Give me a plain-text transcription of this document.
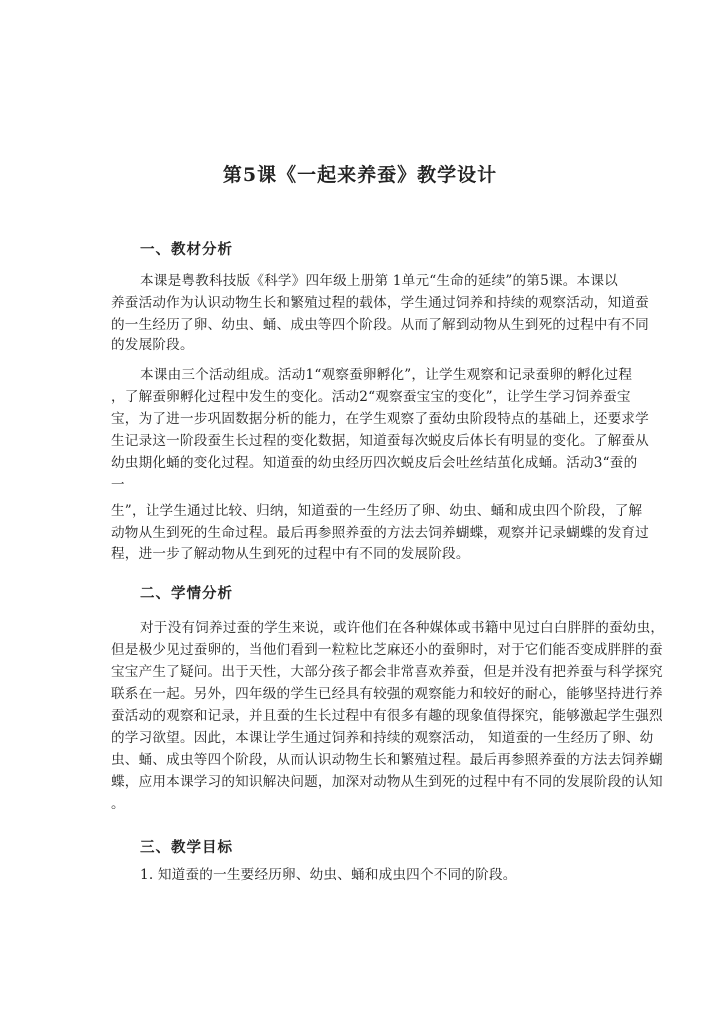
第5课《一起来养蚕》教学设计
一、教材分析
本课是粤教科技版《科学》四年级上册第 1单元“生命的延续”的第5课。本课以
养蚕活动作为认识动物生长和繁殖过程的载体，学生通过饲养和持续的观察活动，知道蚕
的一生经历了卵、幼虫、蛹、成虫等四个阶段。从而了解到动物从生到死的过程中有不同
的发展阶段。
本课由三个活动组成。活动1“观察蚕卵孵化”，让学生观察和记录蚕卵的孵化过程
，了解蚕卵孵化过程中发生的变化。活动2“观察蚕宝宝的变化”，让学生学习饲养蚕宝
宝，为了进一步巩固数据分析的能力，在学生观察了蚕幼虫阶段特点的基础上，还要求学
生记录这一阶段蚕生长过程的变化数据，知道蚕每次蜕皮后体长有明显的变化。了解蚕从
幼虫期化蛹的变化过程。知道蚕的幼虫经历四次蜕皮后会吐丝结茧化成蛹。活动3“蚕的
一
生”，让学生通过比较、归纳，知道蚕的一生经历了卵、幼虫、蛹和成虫四个阶段，了解
动物从生到死的生命过程。最后再参照养蚕的方法去饲养蝴蝶，观察并记录蝴蝶的发育过
程，进一步了解动物从生到死的过程中有不同的发展阶段。
二、学情分析
对于没有饲养过蚕的学生来说，或许他们在各种媒体或书籍中见过白白胖胖的蚕幼虫，
但是极少见过蚕卵的，当他们看到一粒粒比芝麻还小的蚕卵时，对于它们能否变成胖胖的蚕
宝宝产生了疑问。出于天性，大部分孩子都会非常喜欢养蚕，但是并没有把养蚕与科学探究
联系在一起。另外，四年级的学生已经具有较强的观察能力和较好的耐心，能够坚持进行养
蚕活动的观察和记录，并且蚕的生长过程中有很多有趣的现象值得探究，能够激起学生强烈
的学习欲望。因此，本课让学生通过饲养和持续的观察活动， 知道蚕的一生经历了卵、幼
虫、蛹、成虫等四个阶段，从而认识动物生长和繁殖过程。最后再参照养蚕的方法去饲养蝴
蝶，应用本课学习的知识解决问题，加深对动物从生到死的过程中有不同的发展阶段的认知
。
三、教学目标
1. 知道蚕的一生要经历卵、幼虫、蛹和成虫四个不同的阶段。
